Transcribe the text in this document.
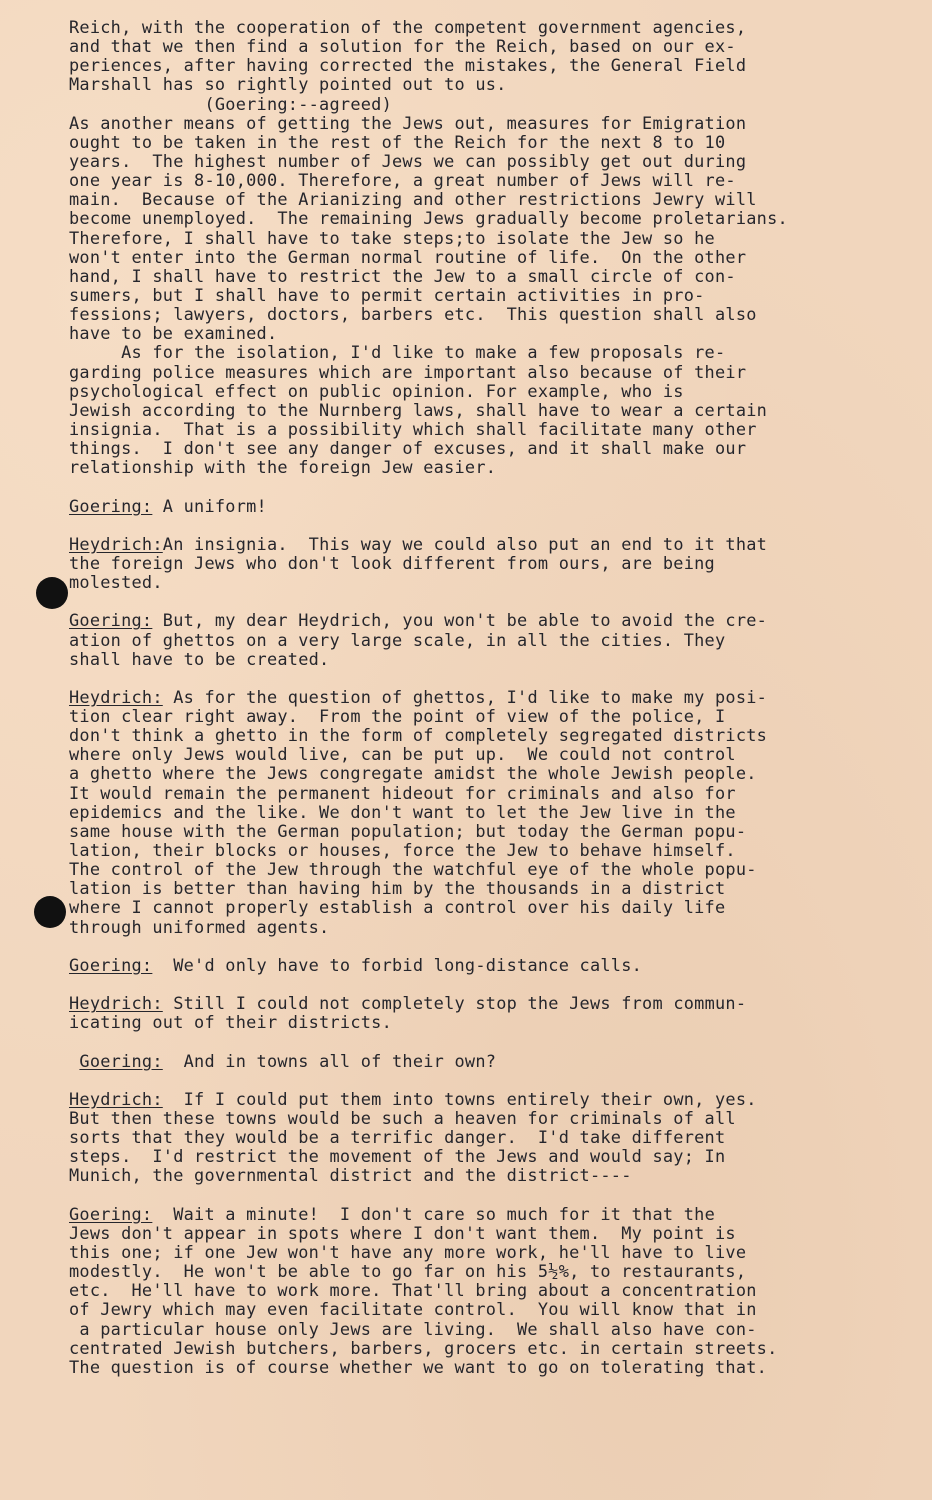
Reich, with the cooperation of the competent government agencies,
and that we then find a solution for the Reich, based on our ex-
periences, after having corrected the mistakes, the General Field
Marshall has so rightly pointed out to us.
(Goering:--agreed)
As another means of getting the Jews out, measures for Emigration
ought to be taken in the rest of the Reich for the next 8 to 10
years.  The highest number of Jews we can possibly get out during
one year is 8-10,000. Therefore, a great number of Jews will re-
main.  Because of the Arianizing and other restrictions Jewry will
become unemployed.  The remaining Jews gradually become proletarians.
Therefore, I shall have to take steps;to isolate the Jew so he
won't enter into the German normal routine of life.  On the other
hand, I shall have to restrict the Jew to a small circle of con-
sumers, but I shall have to permit certain activities in pro-
fessions; lawyers, doctors, barbers etc.  This question shall also
have to be examined.
As for the isolation, I'd like to make a few proposals re-
garding police measures which are important also because of their
psychological effect on public opinion. For example, who is
Jewish according to the Nurnberg laws, shall have to wear a certain
insignia.  That is a possibility which shall facilitate many other
things.  I don't see any danger of excuses, and it shall make our
relationship with the foreign Jew easier.
Goering: A uniform!
Heydrich:An insignia.  This way we could also put an end to it that
the foreign Jews who don't look different from ours, are being
molested.
Goering: But, my dear Heydrich, you won't be able to avoid the cre-
ation of ghettos on a very large scale, in all the cities. They
shall have to be created.
Heydrich: As for the question of ghettos, I'd like to make my posi-
tion clear right away.  From the point of view of the police, I
don't think a ghetto in the form of completely segregated districts
where only Jews would live, can be put up.  We could not control
a ghetto where the Jews congregate amidst the whole Jewish people.
It would remain the permanent hideout for criminals and also for
epidemics and the like. We don't want to let the Jew live in the
same house with the German population; but today the German popu-
lation, their blocks or houses, force the Jew to behave himself.
The control of the Jew through the watchful eye of the whole popu-
lation is better than having him by the thousands in a district
where I cannot properly establish a control over his daily life
through uniformed agents.
Goering:  We'd only have to forbid long-distance calls.
Heydrich: Still I could not completely stop the Jews from commun-
icating out of their districts.
Goering:  And in towns all of their own?
Heydrich:  If I could put them into towns entirely their own, yes.
But then these towns would be such a heaven for criminals of all
sorts that they would be a terrific danger.  I'd take different
steps.  I'd restrict the movement of the Jews and would say; In
Munich, the governmental district and the district----
Goering:  Wait a minute!  I don't care so much for it that the
Jews don't appear in spots where I don't want them.  My point is
this one; if one Jew won't have any more work, he'll have to live
modestly.  He won't be able to go far on his 5½%, to restaurants,
etc.  He'll have to work more. That'll bring about a concentration
of Jewry which may even facilitate control.  You will know that in
a particular house only Jews are living.  We shall also have con-
centrated Jewish butchers, barbers, grocers etc. in certain streets.
The question is of course whether we want to go on tolerating that.
